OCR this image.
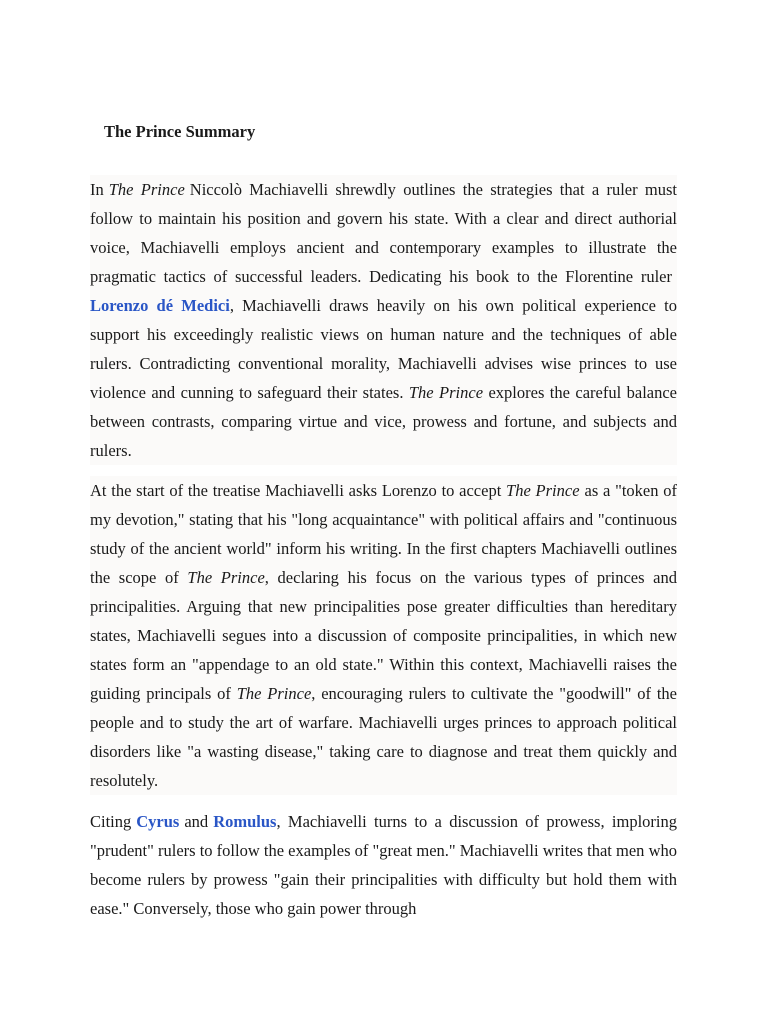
The Prince Summary

In The Prince Niccolò Machiavelli shrewdly outlines the strategies that a ruler must follow to maintain his position and govern his state. With a clear and direct authorial voice, Machiavelli employs ancient and contemporary examples to illustrate the pragmatic tactics of successful leaders. Dedicating his book to the Florentine rulerLorenzo dé Medici, Machiavelli draws heavily on his own political experience to support his exceedingly realistic views on human nature and the techniques of able rulers. Contradicting conventional morality, Machiavelli advises wise princes to use violence and cunning to safeguard their states. The Prince explores the careful balance between contrasts, comparing virtue and vice, prowess and fortune, and subjects and rulers.

At the start of the treatise Machiavelli asks Lorenzo to accept The Prince as a "token of my devotion," stating that his "long acquaintance" with political affairs and "continuous study of the ancient world" inform his writing. In the first chapters Machiavelli outlines the scope of The Prince, declaring his focus on the various types of princes and principalities. Arguing that new principalities pose greater difficulties than hereditary states, Machiavelli segues into a discussion of composite principalities, in which new states form an "appendage to an old state." Within this context, Machiavelli raises the guiding principals of The Prince, encouraging rulers to cultivate the "goodwill" of the people and to study the art of warfare. Machiavelli urges princes to approach political disorders like "a wasting disease," taking care to diagnose and treat them quickly and resolutely.

Citing Cyrus and Romulus, Machiavelli turns to a discussion of prowess, imploring "prudent" rulers to follow the examples of "great men." Machiavelli writes that men who become rulers by prowess "gain their principalities with difficulty but hold them with ease." Conversely, those who gain power through
